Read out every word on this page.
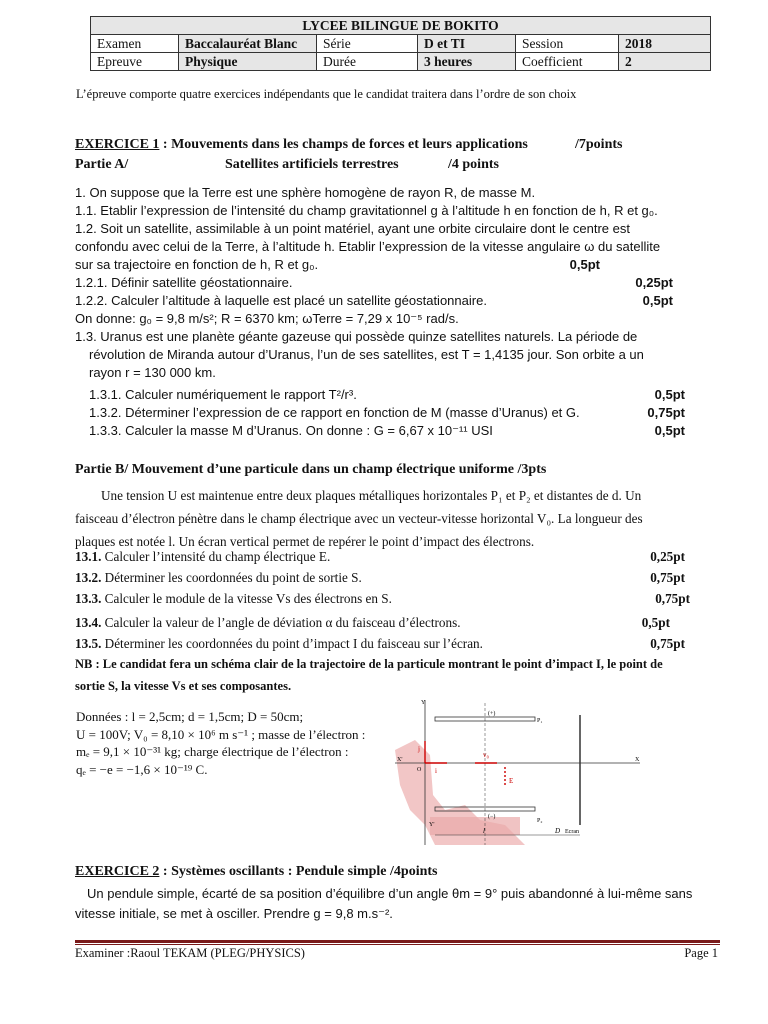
LYCEE BILINGUE DE BOKITO					
Examen	Baccalauréat Blanc	Série	D et TI	Session	2018
Epreuve	Physique	Durée	3 heures	Coefficient	2
L’épreuve comporte quatre exercices indépendants que le candidat traitera dans l’ordre de son choix
EXERCICE 1 : Mouvements dans les champs de forces et leurs applications	/7points
Partie A/	Satellites artificiels terrestres	/4 points
1. On suppose que la Terre est une sphère homogène de rayon R, de masse M.
1.1. Etablir l’expression de l’intensité du champ gravitationnel g à l’altitude h en fonction de h, R et g₀.
1.2. Soit un satellite, assimilable à un point matériel, ayant une orbite circulaire dont le centre est
confondu avec celui de la Terre, à l’altitude h. Etablir l’expression de la vitesse angulaire ω du satellite
sur sa trajectoire en fonction de h, R et g₀.	0,5pt
1.2.1. Définir satellite géostationnaire.	0,25pt
1.2.2. Calculer l’altitude à laquelle est placé un satellite géostationnaire.	0,5pt
On donne: g₀ = 9,8 m/s²; R = 6370 km; ωTerre = 7,29 x 10⁻⁵ rad/s.
1.3. Uranus est une planète géante gazeuse qui possède quinze satellites naturels. La période de
révolution de Miranda autour d’Uranus, l’un de ses satellites, est T = 1,4135 jour. Son orbite a un
rayon r = 130 000 km.
1.3.1. Calculer numériquement le rapport T²/r³.	0,5pt
1.3.2. Déterminer l’expression de ce rapport en fonction de M (masse d’Uranus) et G.	0,75pt
1.3.3. Calculer la masse M d’Uranus. On donne : G = 6,67 x 10⁻¹¹ USI	0,5pt
Partie B/ Mouvement d’une particule dans un champ électrique uniforme /3pts
Une tension U est maintenue entre deux plaques métalliques horizontales P₁ et P₂ et distantes de d. Un
faisceau d’électron pénètre dans le champ électrique avec un vecteur-vitesse horizontal V₀. La longueur des
plaques est notée l. Un écran vertical permet de repérer le point d’impact des électrons.
13.1. Calculer l’intensité du champ électrique E.	0,25pt
13.2. Déterminer les coordonnées du point de sortie S.	0,75pt
13.3. Calculer le module de la vitesse Vs des électrons en S.	0,75pt
13.4. Calculer la valeur de l’angle de déviation α du faisceau d’électrons.	0,5pt
13.5. Déterminer les coordonnées du point d’impact I du faisceau sur l’écran.	0,75pt
NB : Le candidat fera un schéma clair de la trajectoire de la particule montrant le point d’impact I, le point de
sortie S, la vitesse Vs et ses composantes.
Données : l = 2,5cm; d = 1,5cm; D = 50cm;
U = 100V; V₀ = 8,10 × 10⁶ m s⁻¹ ; masse de l’électron :
mₑ = 9,1 × 10⁻³¹ kg; charge électrique de l’électron :
qₑ = −e = −1,6 × 10⁻¹⁹ C.
(+)
(−)
P₁
P₂
Y
Y'
X
X'
O
Ecran
l	D
i
j
v₀
E
EXERCICE 2 : Systèmes oscillants : Pendule simple /4points
Un pendule simple, écarté de sa position d’équilibre d’un angle θm = 9° puis abandonné à lui-même sans
vitesse initiale, se met à osciller. Prendre g = 9,8 m.s⁻².
Examiner :Raoul TEKAM (PLEG/PHYSICS)	Page 1
